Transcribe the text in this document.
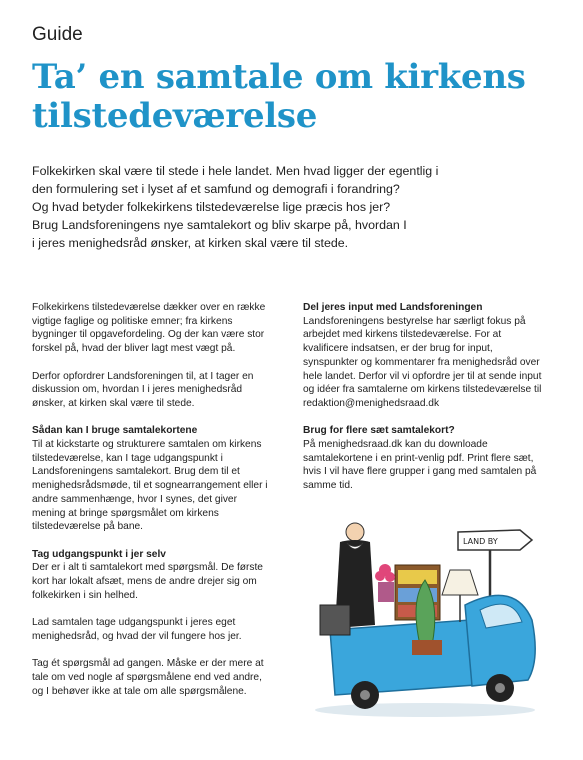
Guide
Ta’ en samtale om kirkens tilstedeværelse

Folkekirken skal være til stede i hele landet. Men hvad ligger der egentlig i

den formulering set i lyset af et samfund og demografi i forandring?

Og hvad betyder folkekirkens tilstedeværelse lige præcis hos jer?

Brug Landsforeningens nye samtalekort og bliv skarpe på, hvordan I

i jeres menighedsråd ønsker, at kirken skal være til stede.

Folkekirkens tilstedeværelse dækker over en række vigtige faglige og politiske emner; fra kirkens bygninger til opgavefordeling. Og der kan være stor forskel på, hvad der bliver lagt mest vægt på.

Derfor opfordrer Landsforeningen til, at I tager en diskussion om, hvordan I i jeres menighedsråd ønsker, at kirken skal være til stede.

Sådan kan I bruge samtalekortene

Til at kickstarte og strukturere samtalen om kirkens tilstedeværelse, kan I tage udgangspunkt i Landsforeningens samtalekort. Brug dem til et menighedsrådsmøde, til et sognearrangement eller i andre sammenhænge, hvor I synes, det giver mening at bringe spørgsmålet om kirkens tilstedeværelse på bane.

Tag udgangspunkt i jer selv

Der er i alt ti samtalekort med spørgsmål. De første kort har lokalt afsæt, mens de andre drejer sig om folkekirken i sin helhed.

Lad samtalen tage udgangspunkt i jeres eget menighedsråd, og hvad der vil fungere hos jer.

Tag ét spørgsmål ad gangen. Måske er der mere at tale om ved nogle af spørgsmålene end ved andre, og I behøver ikke at tale om alle spørgsmålene.

Del jeres input med Landsforeningen

Landsforeningens bestyrelse har særligt fokus på arbejdet med kirkens tilstedeværelse. For at kvalificere indsatsen, er der brug for input, synspunkter og kommentarer fra menighedsråd over hele landet. Derfor vil vi opfordre jer til at sende input og idéer fra samtalerne om kirkens tilstedeværelse til redaktion@menighedsraad.dk

Brug for flere sæt samtalekort?

På menighedsraad.dk kan du downloade samtalekortene i en print-venlig pdf. Print flere sæt, hvis I vil have flere grupper i gang med samtalen på samme tid.

LAND BY
